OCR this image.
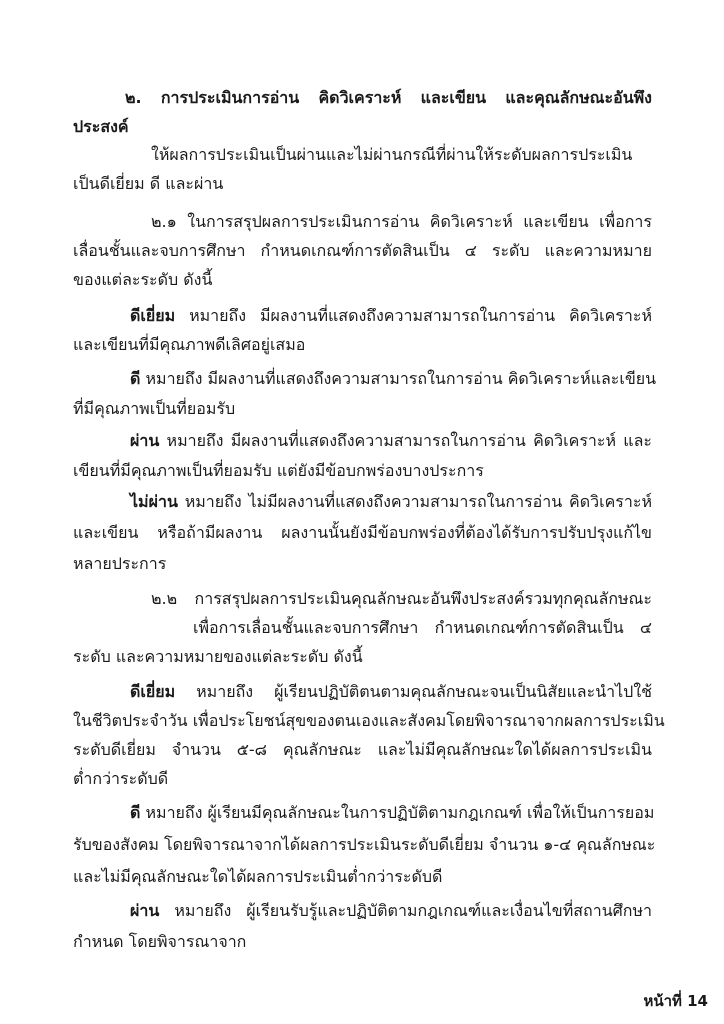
๒. การประเมินการอ่าน คิดวิเคราะห์ และเขียน และคุณลักษณะอันพึง

ประสงค์

ให้ผลการประเมินเป็นผ่านและไม่ผ่านกรณีที่ผ่านให้ระดับผลการประเมิน

เป็นดีเยี่ยม ดี และผ่าน

๒.๑ ในการสรุปผลการประเมินการอ่าน คิดวิเคราะห์ และเขียน เพื่อการ

เลื่อนชั้นและจบการศึกษา กำหนดเกณฑ์การตัดสินเป็น ๔ ระดับ และความหมาย

ของแต่ละระดับ ดังนี้

ดีเยี่ยม หมายถึง มีผลงานที่แสดงถึงความสามารถในการอ่าน คิดวิเคราะห์

และเขียนที่มีคุณภาพดีเลิศอยู่เสมอ

ดี หมายถึง มีผลงานที่แสดงถึงความสามารถในการอ่าน คิดวิเคราะห์และเขียน

ที่มีคุณภาพเป็นที่ยอมรับ

ผ่าน หมายถึง มีผลงานที่แสดงถึงความสามารถในการอ่าน คิดวิเคราะห์ และ

เขียนที่มีคุณภาพเป็นที่ยอมรับ แต่ยังมีข้อบกพร่องบางประการ

ไม่ผ่าน หมายถึง ไม่มีผลงานที่แสดงถึงความสามารถในการอ่าน คิดวิเคราะห์

และเขียน หรือถ้ามีผลงาน ผลงานนั้นยังมีข้อบกพร่องที่ต้องได้รับการปรับปรุงแก้ไข

หลายประการ

๒.๒ การสรุปผลการประเมินคุณลักษณะอันพึงประสงค์รวมทุกคุณลักษณะ

เพื่อการเลื่อนชั้นและจบการศึกษา กำหนดเกณฑ์การตัดสินเป็น ๔

ระดับ และความหมายของแต่ละระดับ ดังนี้

ดีเยี่ยม หมายถึง ผู้เรียนปฏิบัติตนตามคุณลักษณะจนเป็นนิสัยและนำไปใช้

ในชีวิตประจำวัน เพื่อประโยชน์สุขของตนเองและสังคมโดยพิจารณาจากผลการประเมิน

ระดับดีเยี่ยม จำนวน ๕-๘ คุณลักษณะ และไม่มีคุณลักษณะใดได้ผลการประเมิน

ต่ำกว่าระดับดี

ดี หมายถึง ผู้เรียนมีคุณลักษณะในการปฏิบัติตามกฎเกณฑ์ เพื่อให้เป็นการยอม

รับของสังคม โดยพิจารณาจากได้ผลการประเมินระดับดีเยี่ยม จำนวน ๑-๔ คุณลักษณะ

และไม่มีคุณลักษณะใดได้ผลการประเมินต่ำกว่าระดับดี

ผ่าน หมายถึง ผู้เรียนรับรู้และปฏิบัติตามกฎเกณฑ์และเงื่อนไขที่สถานศึกษา

กำหนด โดยพิจารณาจาก

หน้าที่ 14
